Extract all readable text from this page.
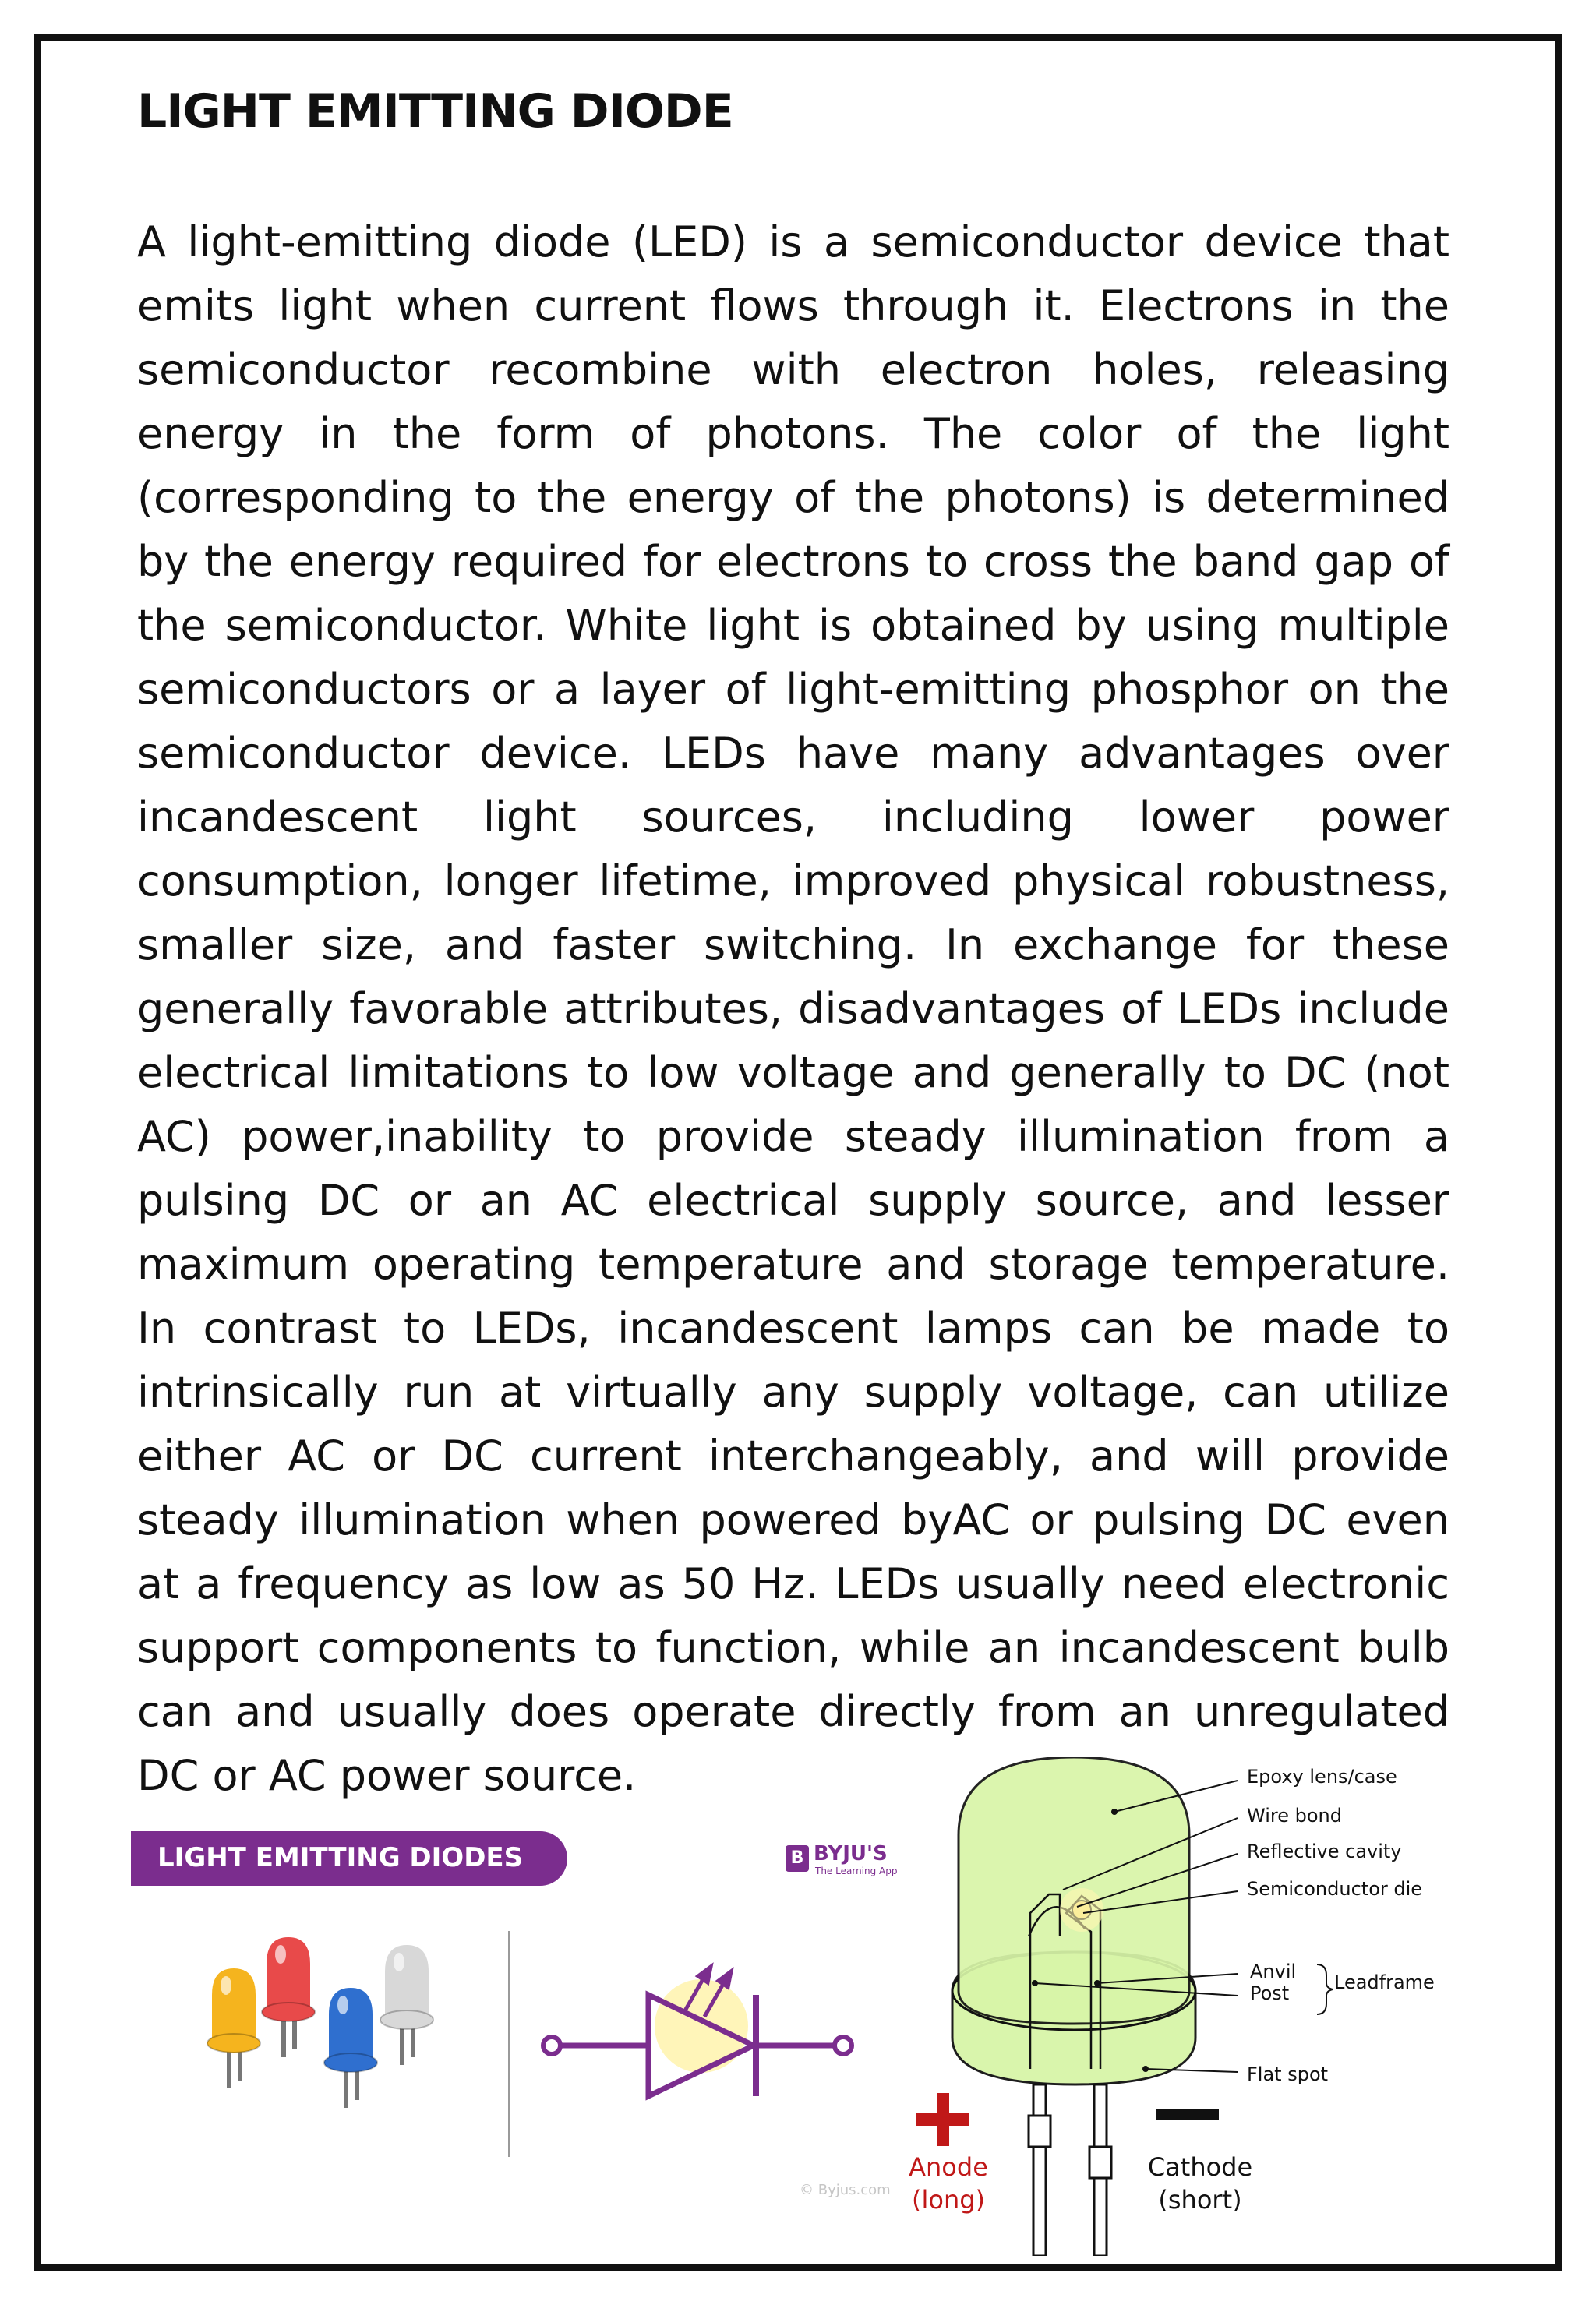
LIGHT EMITTING DIODE
A light-emitting diode (LED) is a semiconductor device that
emits light when current flows through it. Electrons in the
semiconductor recombine with electron holes, releasing
energy in the form of photons. The color of the light
(corresponding to the energy of the photons) is determined
by the energy required for electrons to cross the band gap of
the semiconductor. White light is obtained by using multiple
semiconductors or a layer of light-emitting phosphor on the
semiconductor device. LEDs have many advantages over
incandescent light sources, including lower power
consumption, longer lifetime, improved physical robustness,
smaller size, and faster switching. In exchange for these
generally favorable attributes, disadvantages of LEDs include
electrical limitations to low voltage and generally to DC (not
AC) power,inability to provide steady illumination from a
pulsing DC or an AC electrical supply source, and lesser
maximum operating temperature and storage temperature.
In contrast to LEDs, incandescent lamps can be made to
intrinsically run at virtually any supply voltage, can utilize
either AC or DC current interchangeably, and will provide
steady illumination when powered byAC or pulsing DC even
at a frequency as low as 50 Hz. LEDs usually need electronic
support components to function, while an incandescent bulb
can and usually does operate directly from an unregulated
DC or AC power source.
LIGHT EMITTING DIODES	B BYJU'S
The Learning App
© Byjus.com
Epoxy lens/case
Wire bond
Reflective cavity
Semiconductor die
Anvil
Post Leadframe
Flat spot
Anode
(long)
Cathode
(short)
